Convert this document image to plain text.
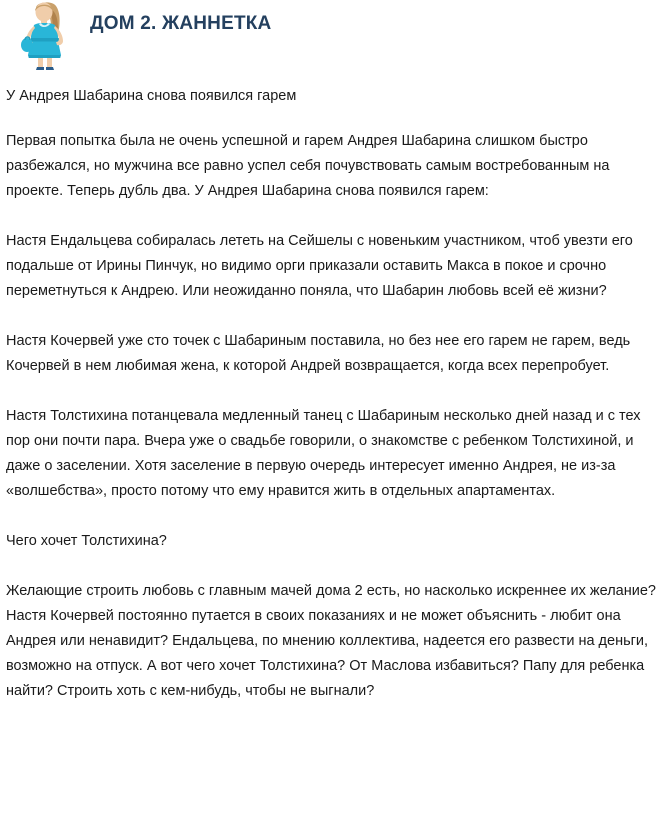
ДОМ 2. ЖАННЕТКА
У Андрея Шабарина снова появился гарем

Первая попытка была не очень успешной и гарем Андрея Шабарина слишком быстро разбежался, но мужчина все равно успел себя почувствовать самым востребованным на проекте. Теперь дубль два. У Андрея Шабарина снова появился гарем:

Настя Ендальцева собиралась лететь на Сейшелы с новеньким участником, чтоб увезти его подальше от Ирины Пинчук, но видимо орги приказали оставить Макса в покое и срочно переметнуться к Андрею. Или неожиданно поняла, что Шабарин любовь всей её жизни?

Настя Кочервей уже сто точек с Шабариным поставила, но без нее его гарем не гарем, ведь Кочервей в нем любимая жена, к которой Андрей возвращается, когда всех перепробует.

Настя Толстихина потанцевала медленный танец с Шабариным несколько дней назад и с тех пор они почти пара. Вчера уже о свадьбе говорили, о знакомстве с ребенком Толстихиной, и даже о заселении. Хотя заселение в первую очередь интересует именно Андрея, не из-за «волшебства», просто потому что ему нравится жить в отдельных апартаментах.

Чего хочет Толстихина?

Желающие строить любовь с главным мачей дома 2 есть, но насколько искреннее их желание? Настя Кочервей постоянно путается в своих показаниях и не может объяснить - любит она Андрея или ненавидит? Ендальцева, по мнению коллектива, надеется его развести на деньги, возможно на отпуск. А вот чего хочет Толстихина? От Маслова избавиться? Папу для ребенка найти? Строить хоть с кем-нибудь, чтобы не выгнали?
